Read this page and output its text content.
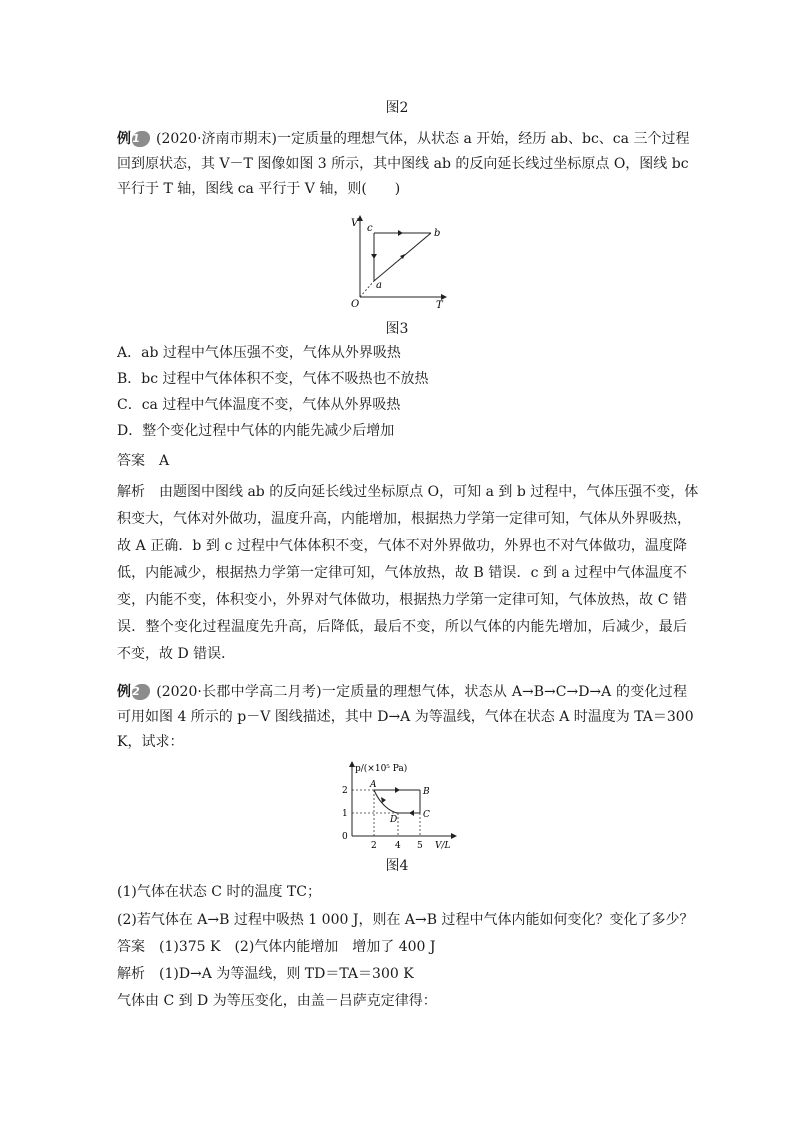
图2
例1 (2020·济南市期末)一定质量的理想气体，从状态 a 开始，经历 ab、bc、ca 三个过程
回到原状态，其 V－T 图像如图 3 所示，其中图线 ab 的反向延长线过坐标原点 O，图线 bc
平行于 T 轴，图线 ca 平行于 V 轴，则(　　)
V
T
O
a
b
c
图3
A．ab 过程中气体压强不变，气体从外界吸热
B．bc 过程中气体体积不变，气体不吸热也不放热
C．ca 过程中气体温度不变，气体从外界吸热
D．整个变化过程中气体的内能先减少后增加
答案 A
解析 由题图中图线 ab 的反向延长线过坐标原点 O，可知 a 到 b 过程中，气体压强不变，体
积变大，气体对外做功，温度升高，内能增加，根据热力学第一定律可知，气体从外界吸热，
故 A 正确．b 到 c 过程中气体体积不变，气体不对外界做功，外界也不对气体做功，温度降
低，内能减少，根据热力学第一定律可知，气体放热，故 B 错误．c 到 a 过程中气体温度不
变，内能不变，体积变小，外界对气体做功，根据热力学第一定律可知，气体放热，故 C 错
误．整个变化过程温度先升高，后降低，最后不变，所以气体的内能先增加，后减少，最后
不变，故 D 错误．
例2 (2020·长郡中学高二月考)一定质量的理想气体，状态从 A→B→C→D→A 的变化过程
可用如图 4 所示的 p－V 图线描述，其中 D→A 为等温线，气体在状态 A 时温度为 TA＝300
K，试求：
p/(×10⁵ Pa)
V/L
2
1
0
2 4 5
A
B
C
D
图4
(1)气体在状态 C 时的温度 TC；
(2)若气体在 A→B 过程中吸热 1 000 J，则在 A→B 过程中气体内能如何变化？变化了多少？
答案 (1)375 K　(2)气体内能增加　增加了 400 J
解析 (1)D→A 为等温线，则 TD＝TA＝300 K
气体由 C 到 D 为等压变化，由盖－吕萨克定律得：
